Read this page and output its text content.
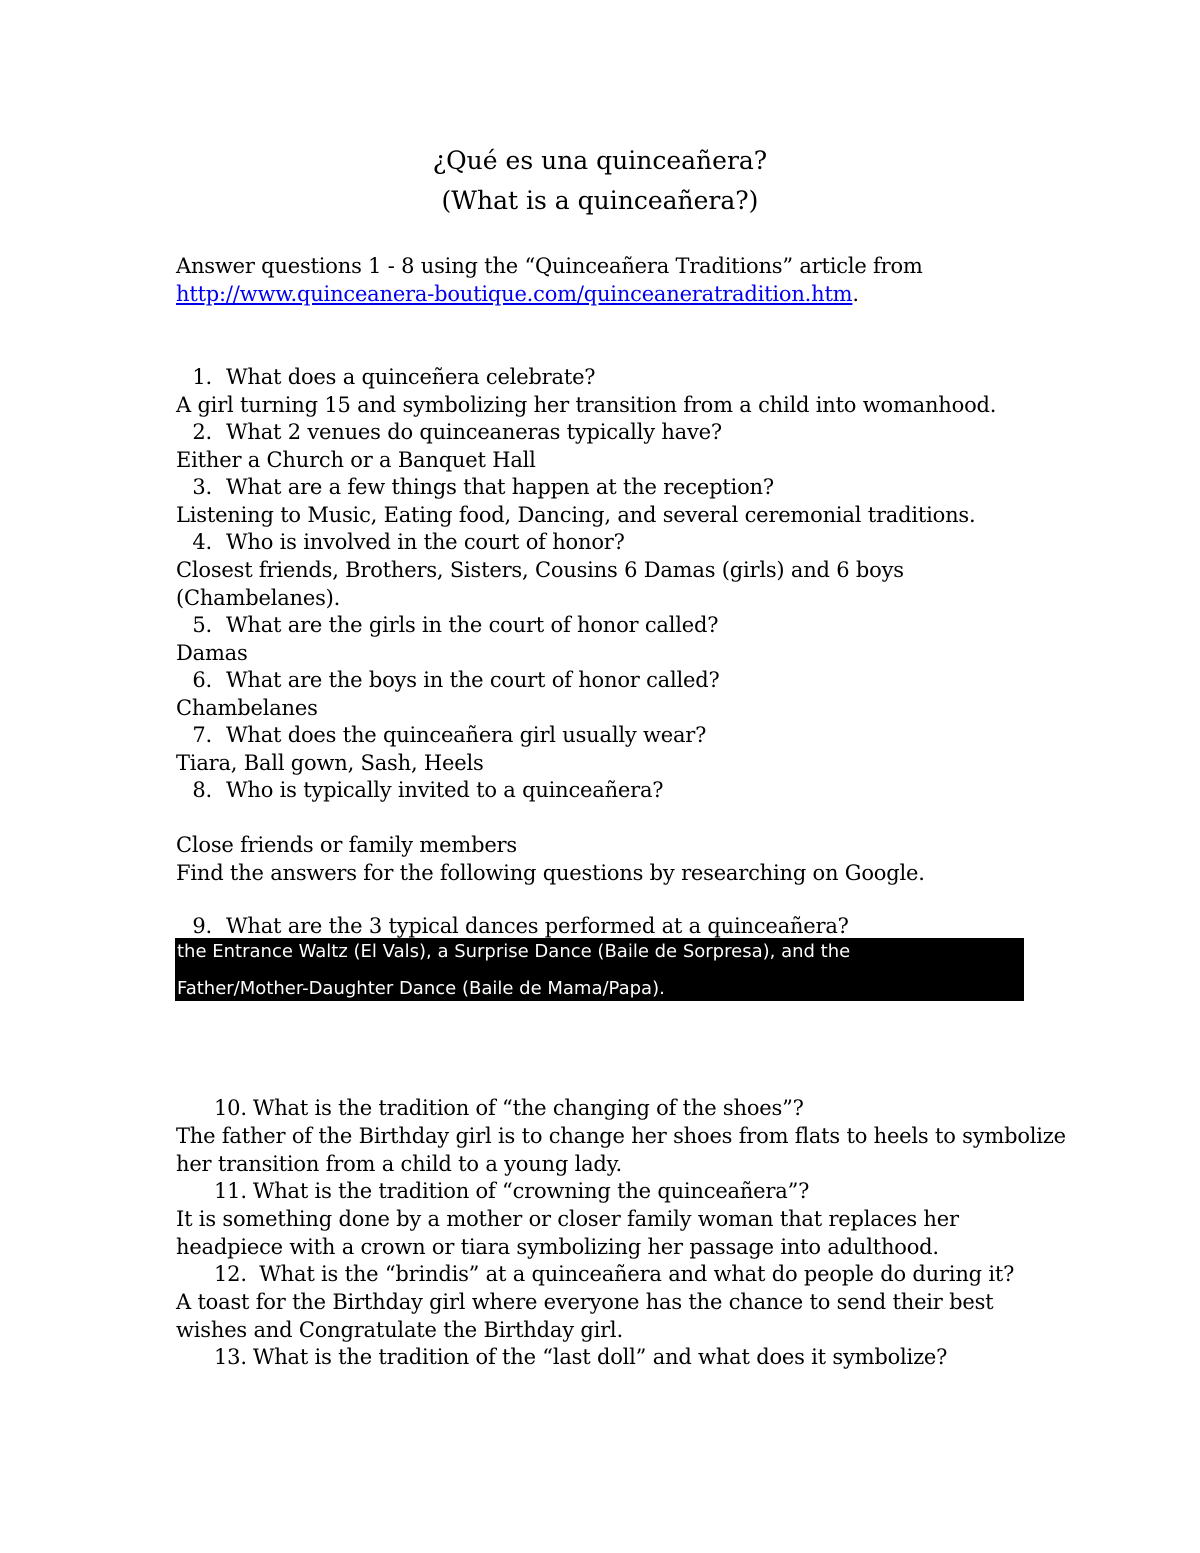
¿Qué es una quinceañera?
(What is a quinceañera?)
Answer questions 1 - 8 using the “Quinceañera Traditions” article from
http://www.quinceanera-boutique.com/quinceaneratradition.htm.
1. What does a quinceñera celebrate?
A girl turning 15 and symbolizing her transition from a child into womanhood.
2. What 2 venues do quinceaneras typically have?
Either a Church or a Banquet Hall
3. What are a few things that happen at the reception?
Listening to Music, Eating food, Dancing, and several ceremonial traditions.
4. Who is involved in the court of honor?
Closest friends, Brothers, Sisters, Cousins 6 Damas (girls) and 6 boys
(Chambelanes).
5. What are the girls in the court of honor called?
Damas
6. What are the boys in the court of honor called?
Chambelanes
7. What does the quinceañera girl usually wear?
Tiara, Ball gown, Sash, Heels
8. Who is typically invited to a quinceañera?
Close friends or family members
Find the answers for the following questions by researching on Google.
9. What are the 3 typical dances performed at a quinceañera?
the Entrance Waltz (El Vals), a Surprise Dance (Baile de Sorpresa), and the
Father/Mother-Daughter Dance (Baile de Mama/Papa).
10. What is the tradition of “the changing of the shoes”?
The father of the Birthday girl is to change her shoes from flats to heels to symbolize
her transition from a child to a young lady.
11. What is the tradition of “crowning the quinceañera”?
It is something done by a mother or closer family woman that replaces her
headpiece with a crown or tiara symbolizing her passage into adulthood.
12. What is the “brindis” at a quinceañera and what do people do during it?
A toast for the Birthday girl where everyone has the chance to send their best
wishes and Congratulate the Birthday girl.
13. What is the tradition of the “last doll” and what does it symbolize?
